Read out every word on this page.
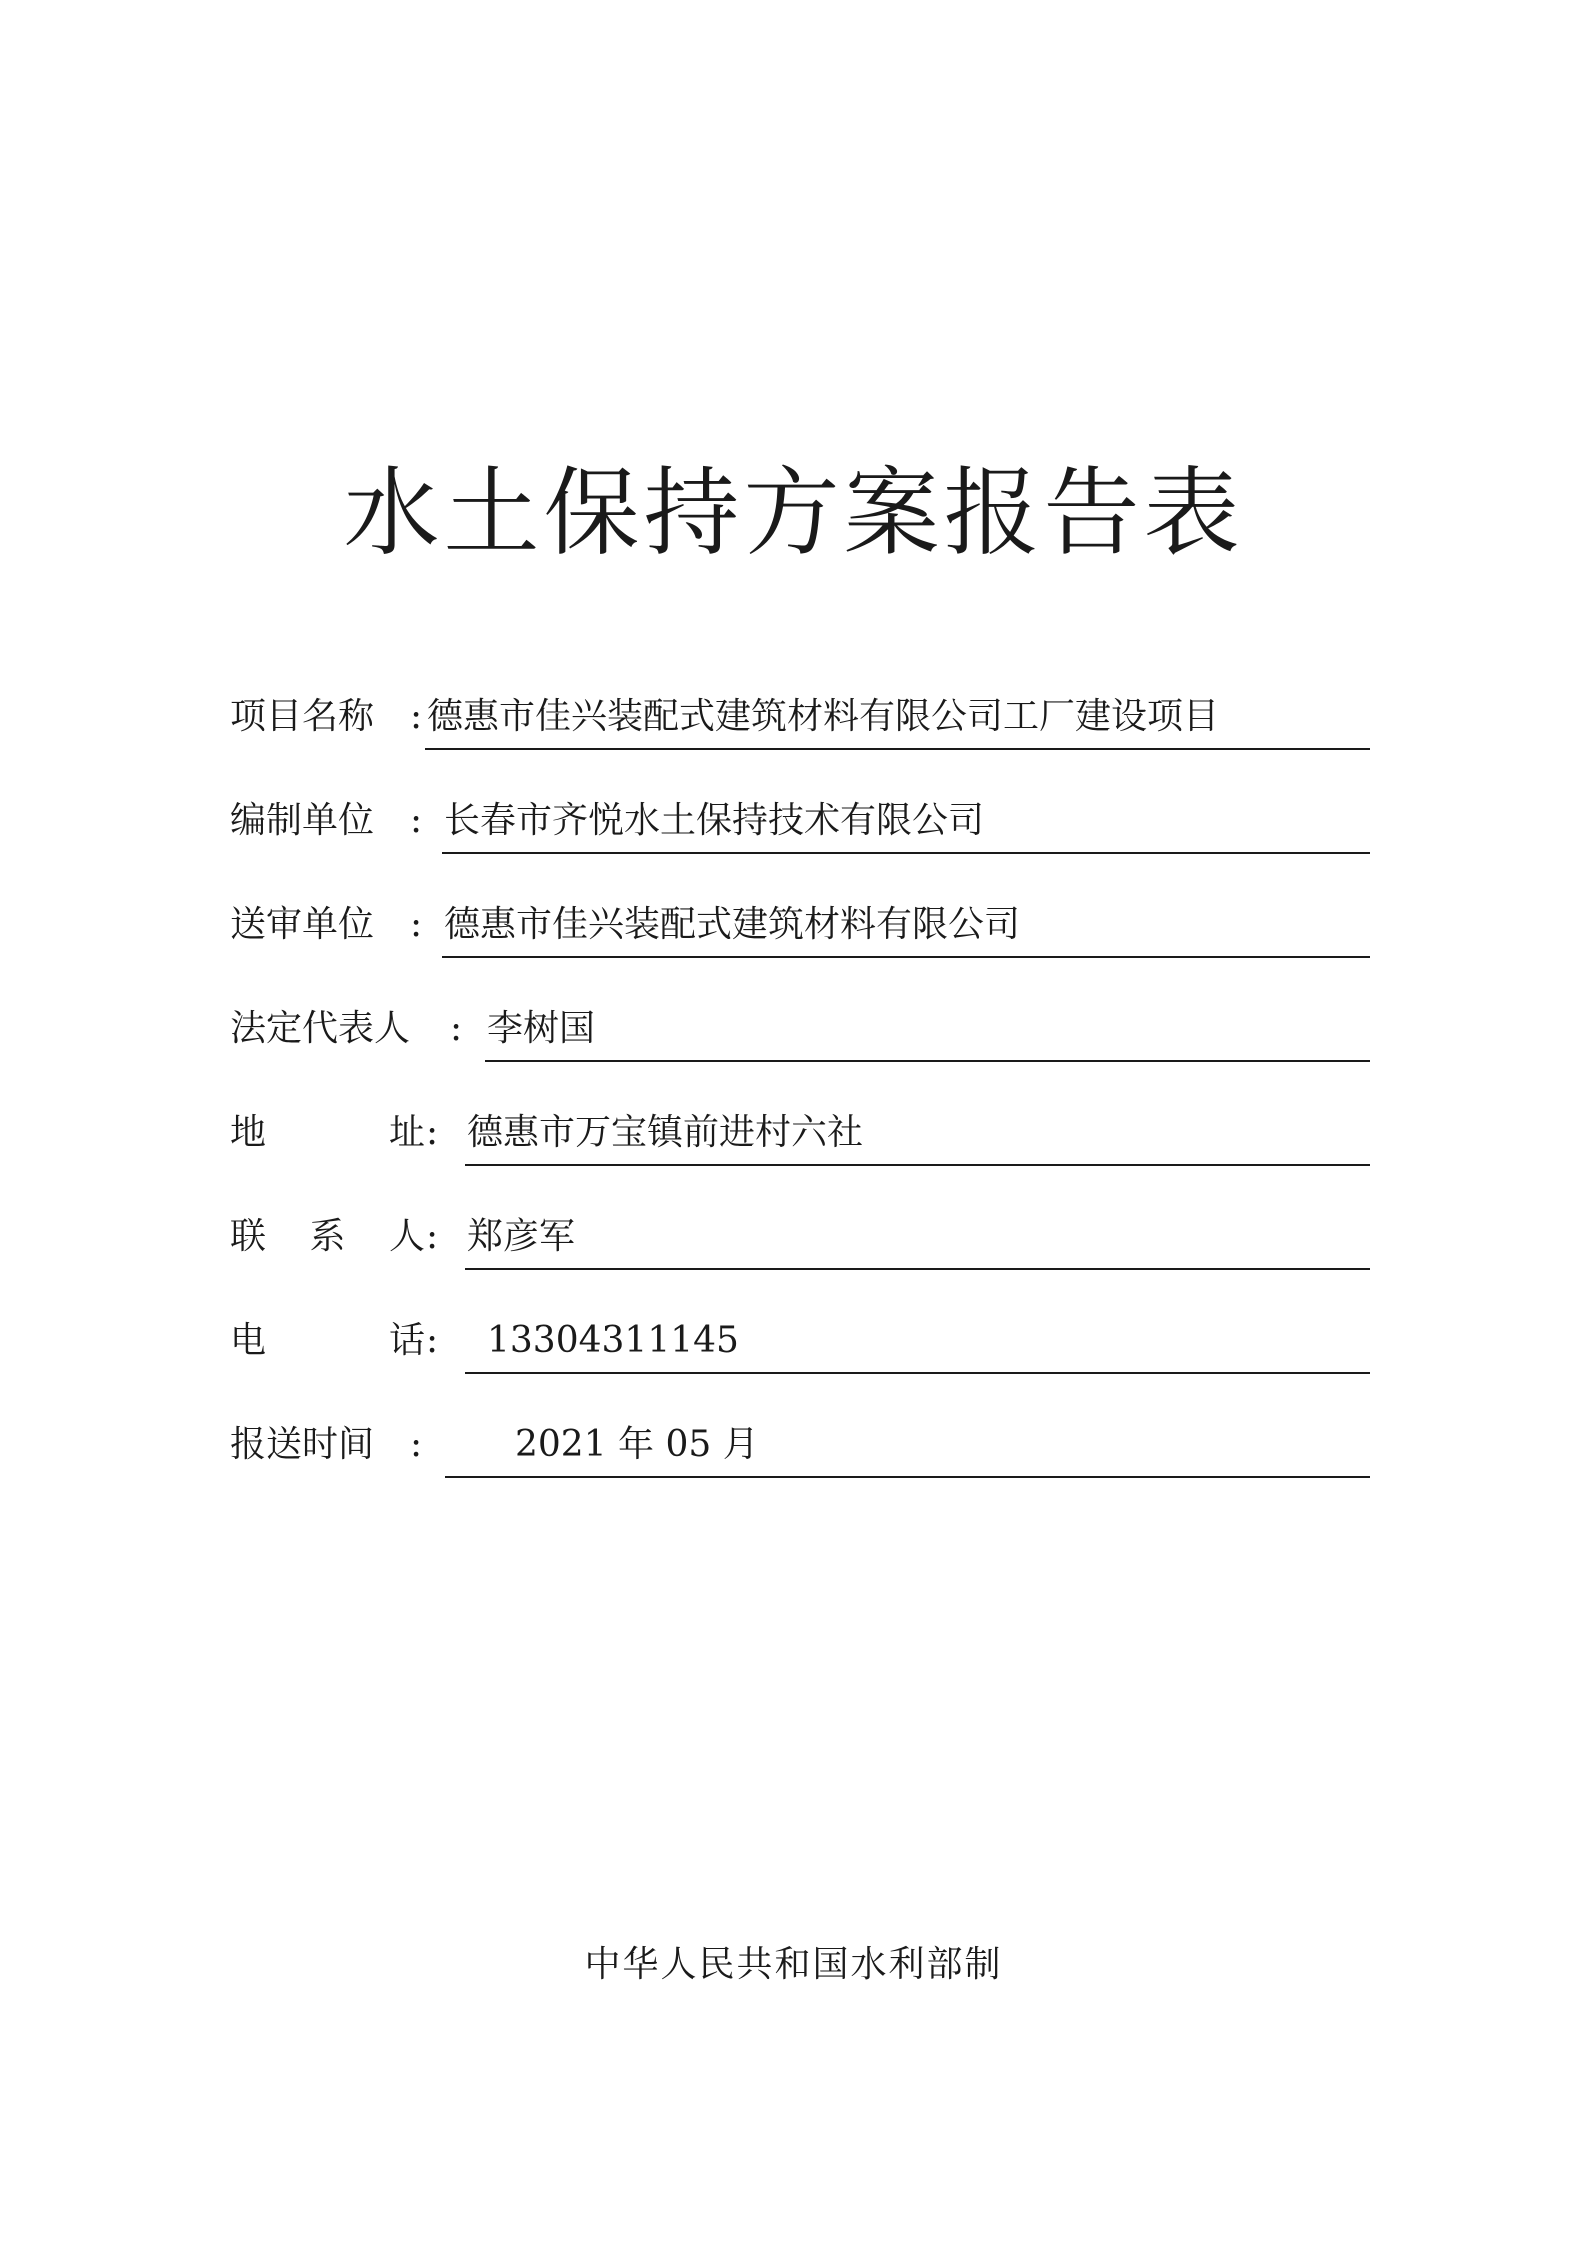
水土保持方案报告表
项目名称 : 德惠市佳兴装配式建筑材料有限公司工厂建设项目
编制单位 : 长春市齐悦水土保持技术有限公司
送审单位 : 德惠市佳兴装配式建筑材料有限公司
法定代表人	: 李树国
地	址 : 德惠市万宝镇前进村六社
联 系 人 : 郑彦军
电	话 :	13304311145
报送时间 :	2021 年 05 月
中华人民共和国水利部制
